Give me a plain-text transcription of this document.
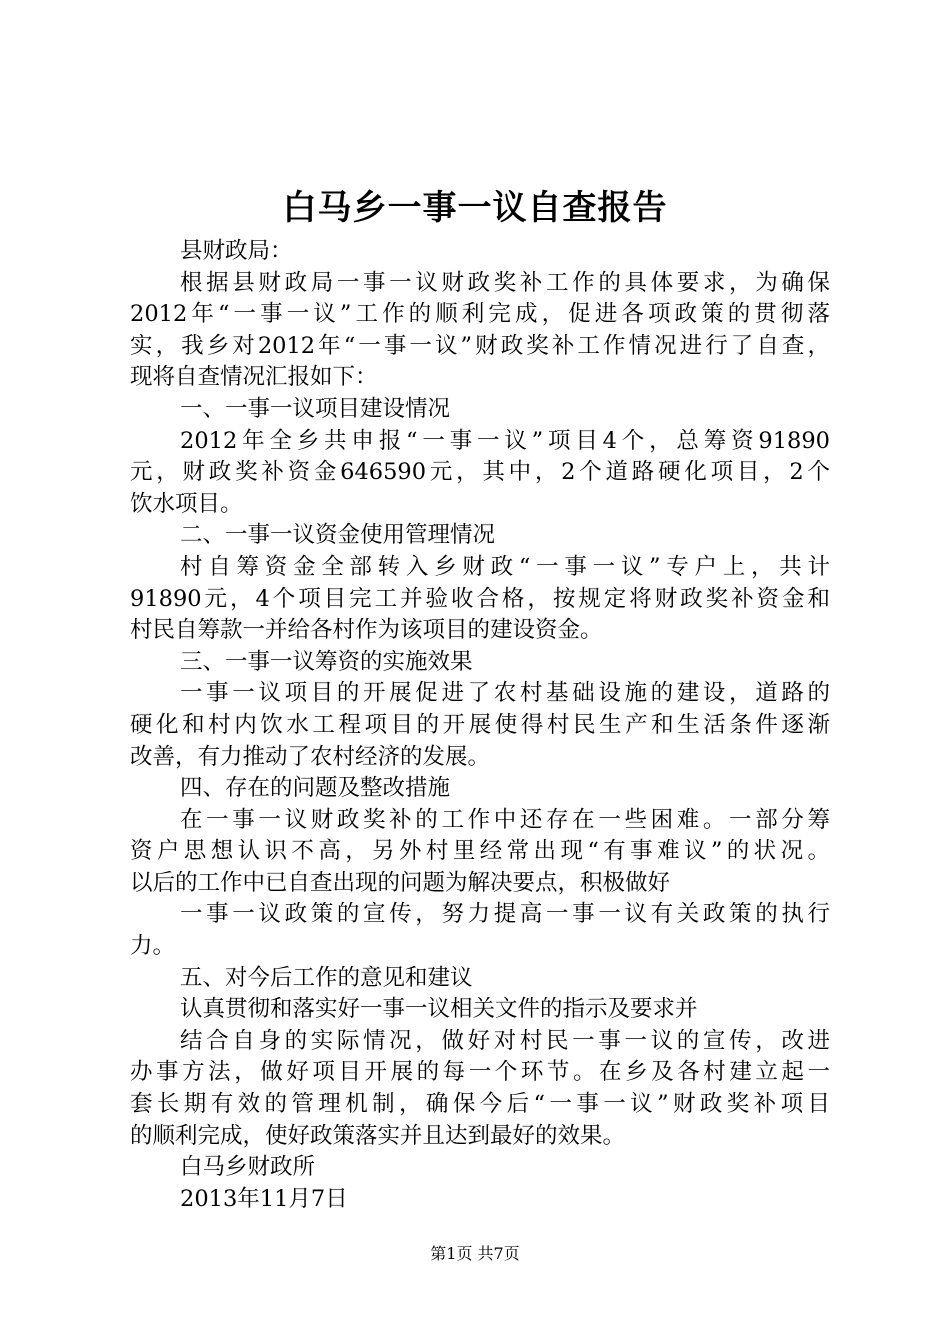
白马乡一事一议自查报告
县财政局：
根据县财政局一事一议财政奖补工作的具体要求，为确保
2012年“一事一议”工作的顺利完成，促进各项政策的贯彻落
实，我乡对2012年“一事一议”财政奖补工作情况进行了自查，
现将自查情况汇报如下：
一、一事一议项目建设情况
2012年全乡共申报“一事一议”项目4个，总筹资91890
元，财政奖补资金646590元，其中，2个道路硬化项目，2个
饮水项目。
二、一事一议资金使用管理情况
村自筹资金全部转入乡财政“一事一议”专户上，共计
91890元，4个项目完工并验收合格，按规定将财政奖补资金和
村民自筹款一并给各村作为该项目的建设资金。
三、一事一议筹资的实施效果
一事一议项目的开展促进了农村基础设施的建设，道路的
硬化和村内饮水工程项目的开展使得村民生产和生活条件逐渐
改善，有力推动了农村经济的发展。
四、存在的问题及整改措施
在一事一议财政奖补的工作中还存在一些困难。一部分筹
资户思想认识不高，另外村里经常出现“有事难议”的状况。
以后的工作中已自查出现的问题为解决要点，积极做好
一事一议政策的宣传，努力提高一事一议有关政策的执行
力。
五、对今后工作的意见和建议
认真贯彻和落实好一事一议相关文件的指示及要求并
结合自身的实际情况，做好对村民一事一议的宣传，改进
办事方法，做好项目开展的每一个环节。在乡及各村建立起一
套长期有效的管理机制，确保今后“一事一议”财政奖补项目
的顺利完成，使好政策落实并且达到最好的效果。
白马乡财政所
2013年11月7日
第1页 共7页
